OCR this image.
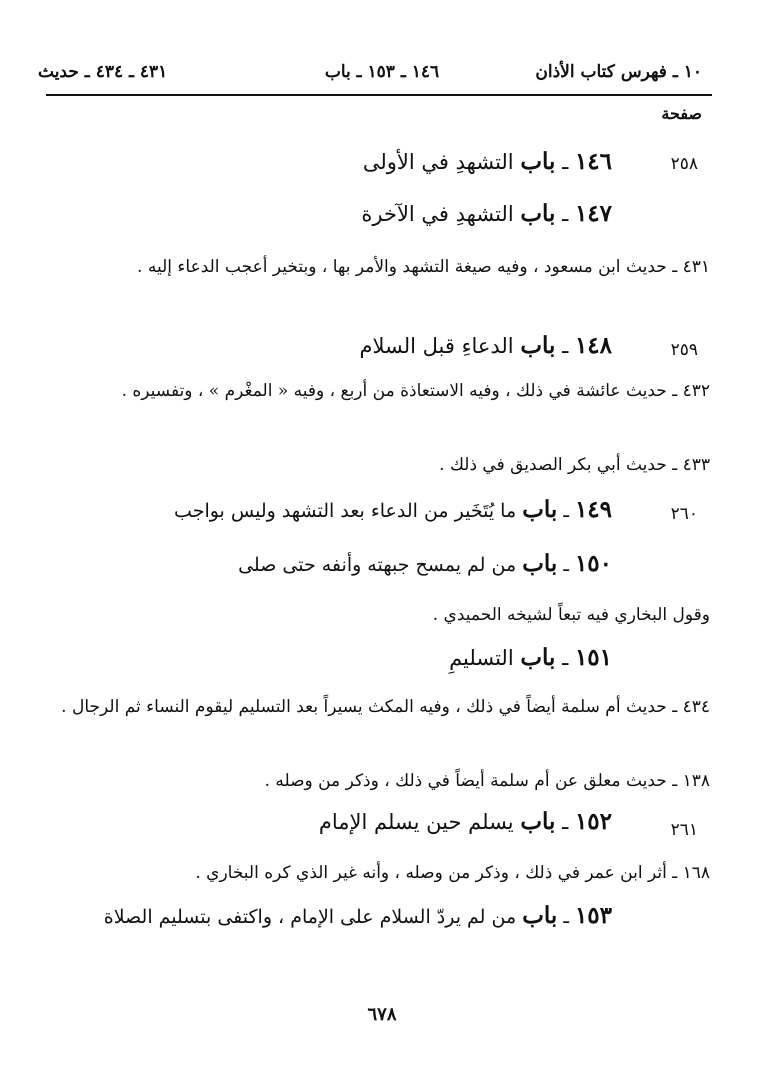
١٠ ـ فهرس كتاب الأذان
١٤٦ ـ ١٥٣ ـ باب
٤٣١ ـ ٤٣٤ ـ حديث
صفحة
٢٥٨
١٤٦ ـ باب التشهدِ في الأولى
١٤٧ ـ باب التشهدِ في الآخرة
٤٣١ ـ حديث ابن مسعود ، وفيه صيغة التشهد والأمر بها ، وبتخير أعجب الدعاء إليه .
٢٥٩
١٤٨ ـ باب الدعاءِ قبل السلام
٤٣٢ ـ حديث عائشة في ذلك ، وفيه الاستعاذة من أربع ، وفيه « المغْرم » ، وتفسيره .
٤٣٣ ـ حديث أبي بكر الصديق في ذلك .
٢٦٠
١٤٩ ـ باب ما يُتَخَير من الدعاء بعد التشهد وليس بواجب
١٥٠ ـ باب من لم يمسح جبهته وأنفه حتى صلى
وقول البخاري فيه تبعاً لشيخه الحميدي .
١٥١ ـ باب التسليمِ
٤٣٤ ـ حديث أم سلمة أيضاً في ذلك ، وفيه المكث يسيراً بعد التسليم ليقوم النساء ثم الرجال .
١٣٨ ـ حديث معلق عن أم سلمة أيضاً في ذلك ، وذكر من وصله .
٢٦١
١٥٢ ـ باب يسلم حين يسلم الإمام
١٦٨ ـ أثر ابن عمر في ذلك ، وذكر من وصله ، وأنه غير الذي كره البخاري .
١٥٣ ـ باب من لم يردّ السلام على الإمام ، واكتفى بتسليم الصلاة
٦٧٨
